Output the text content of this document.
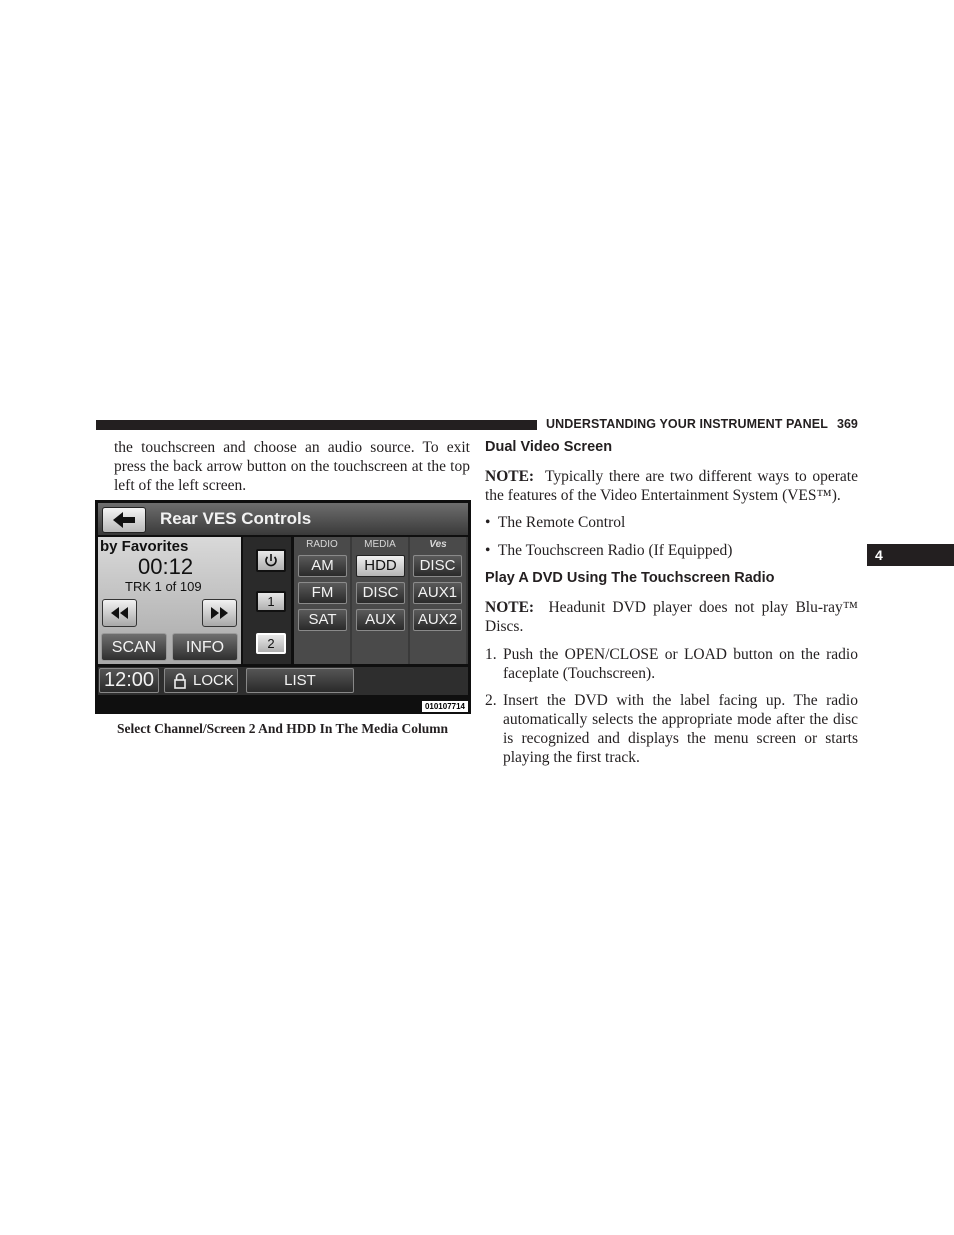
UNDERSTANDING YOUR INSTRUMENT PANEL 369
4
the touchscreen and choose an audio source. To exit press the back arrow button on the touchscreen at the top left of the left screen.
Rear VES Controls
by Favorites
00:12
TRK 1 of 109
SCAN	INFO
1
2
RADIO	MEDIA	Ves
AM
FM
SAT
HDD
DISC
AUX
DISC
AUX1
AUX2
12:00	LOCK	LIST
010107714
Select Channel/Screen 2 And HDD In The Media Column
Dual Video Screen
NOTE: Typically there are two different ways to operate the features of the Video Entertainment System (VES™).
•  The Remote Control
•  The Touchscreen Radio (If Equipped)
Play A DVD Using The Touchscreen Radio
NOTE: Headunit DVD player does not play Blu-ray™ Discs.
1. Push the OPEN/CLOSE or LOAD button on the radio faceplate (Touchscreen).
2. Insert the DVD with the label facing up. The radio automatically selects the appropriate mode after the disc is recognized and displays the menu screen or starts playing the first track.
